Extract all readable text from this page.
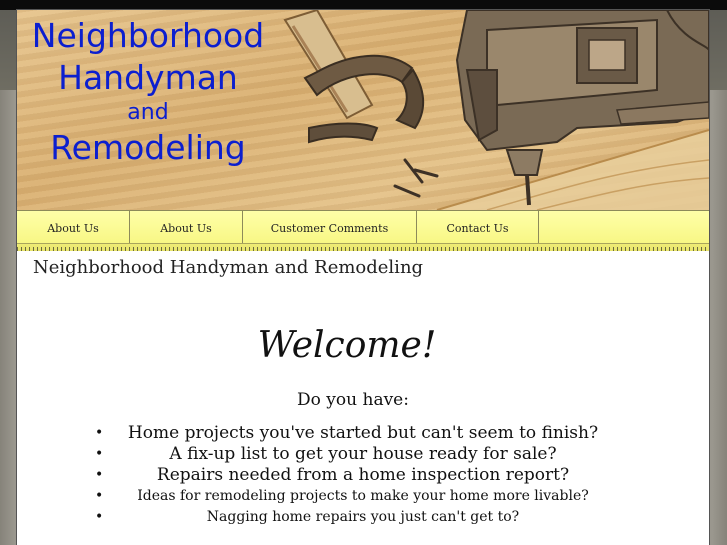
Neighborhood
Handyman
and
Remodeling
About Us	About Us	Customer Comments	Contact Us
Neighborhood Handyman and Remodeling
Welcome!
Do you have:
• Home projects you've started but can't seem to finish?
•	A fix-up list to get your house ready for sale?
•	Repairs needed from a home inspection report?
• Ideas for remodeling projects to make your home more livable?
•	Nagging home repairs you just can't get to?
